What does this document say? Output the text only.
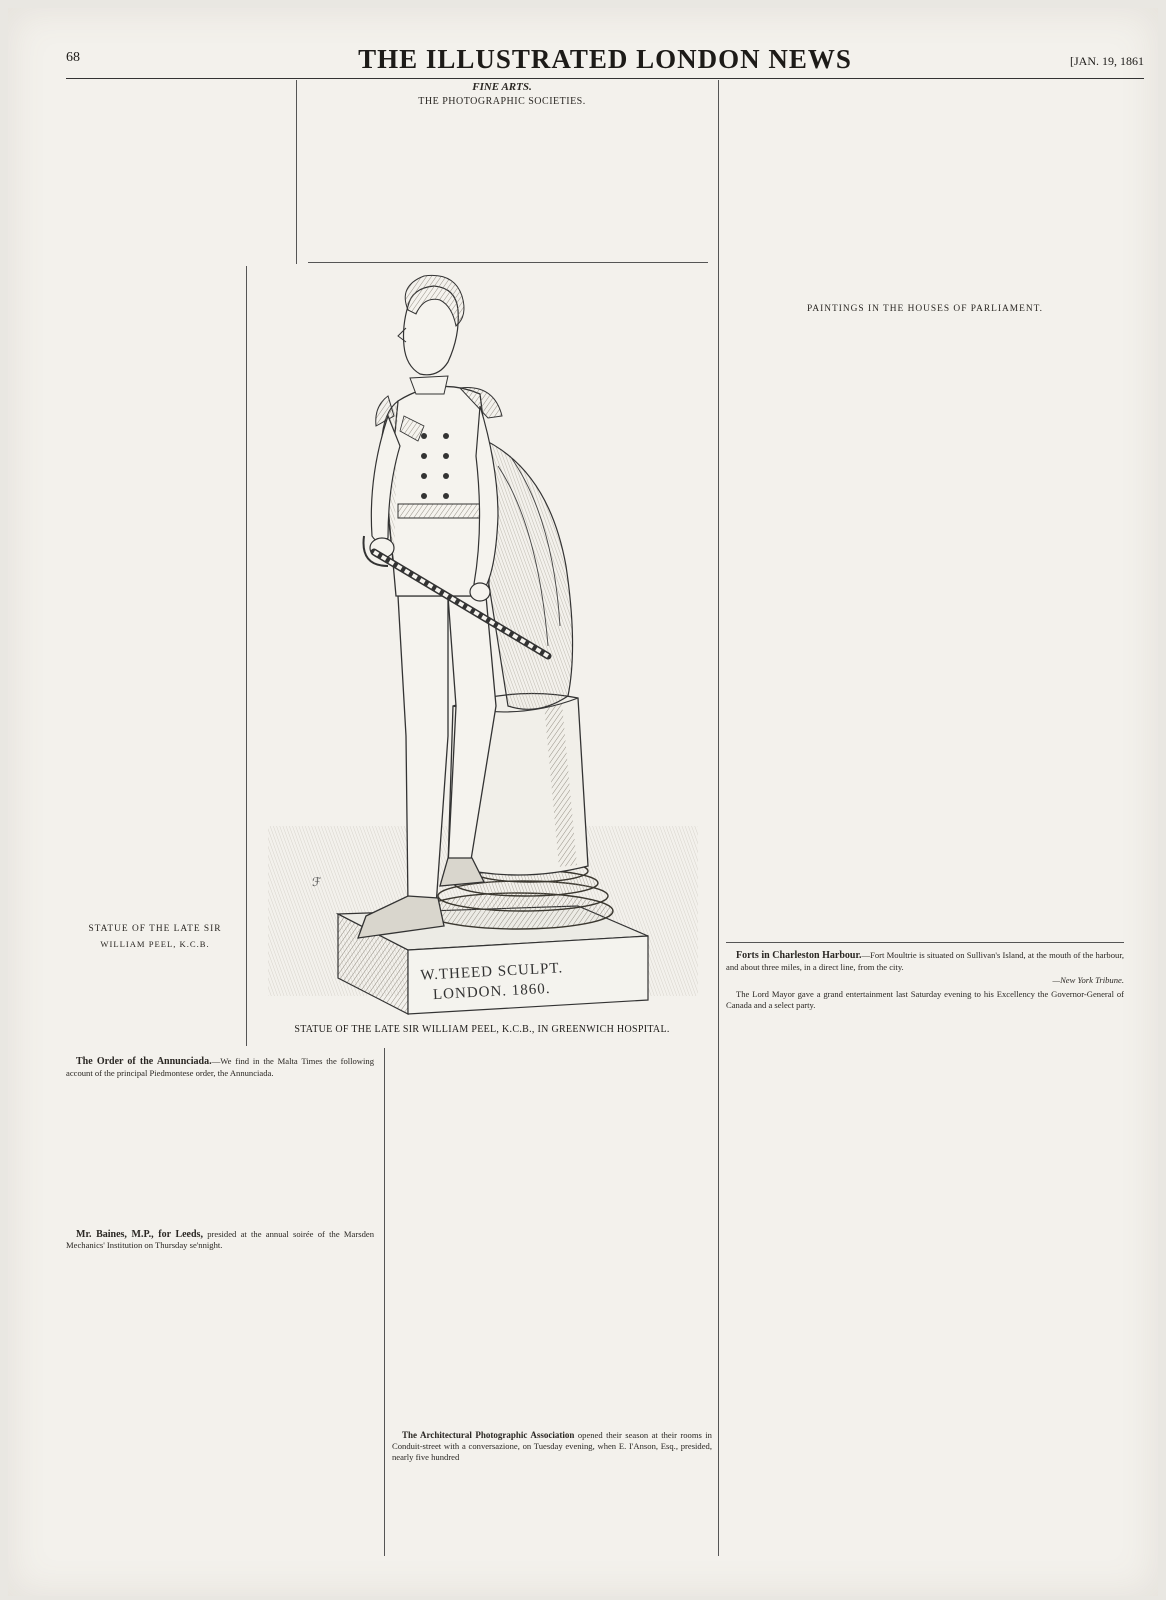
68	THE ILLUSTRATED LONDON NEWS	[JAN. 19, 1861

STATUE OF THE LATE SIR
WILLIAM PEEL, K.C.B.
FINE ARTS.
THE PHOTOGRAPHIC SOCIETIES.
W.THEED SCULPT.
LONDON. 1860.
ℱ
STATUE OF THE LATE SIR WILLIAM PEEL, K.C.B., IN GREENWICH HOSPITAL.

PAINTINGS IN THE HOUSES OF PARLIAMENT.

Forts in Charleston Harbour.—Fort Moultrie is situated on Sullivan's Island, at the mouth of the harbour, and about three miles, in a direct line, from the city.

—New York Tribune.

The Lord Mayor gave a grand entertainment last Saturday evening to his Excellency the Governor-General of Canada and a select party.

The Order of the Annunciada.—We find in the Malta Times the following account of the principal Piedmontese order, the Annunciada.

Mr. Baines, M.P., for Leeds, presided at the annual soirée of the Marsden Mechanics' Institution on Thursday se'nnight.

The Architectural Photographic Association opened their season at their rooms in Conduit-street with a conversazione, on Tuesday evening, when E. I'Anson, Esq., presided, nearly five hundred
